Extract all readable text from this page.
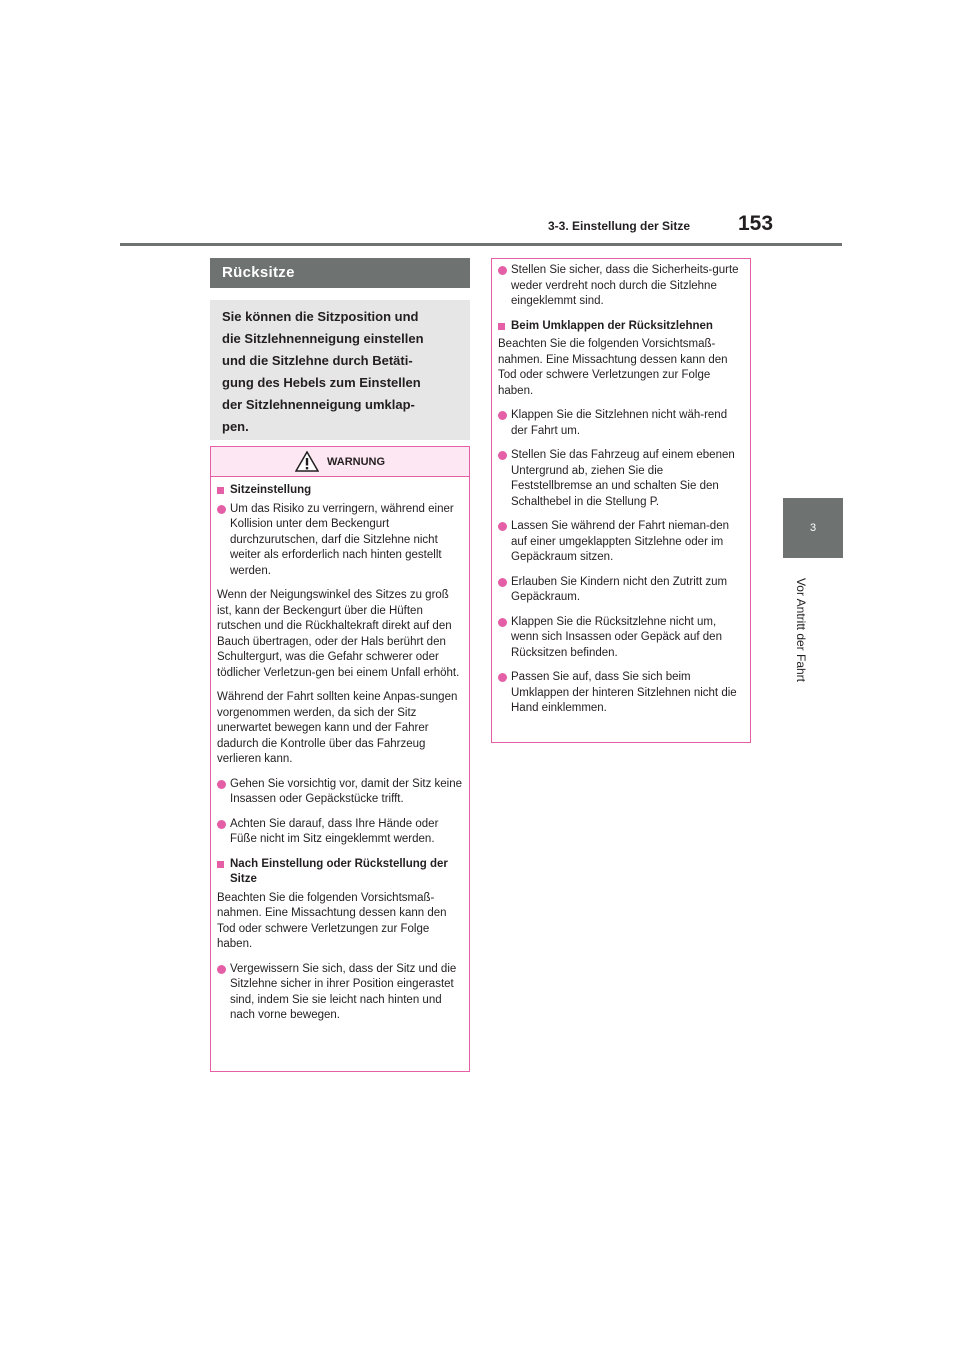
3-3. Einstellung der Sitze 153
3
Vor Antritt der Fahrt
Rücksitze
Sie können die Sitzposition und
die Sitzlehnenneigung einstellen
und die Sitzlehne durch Betäti-
gung des Hebels zum Einstellen
der Sitzlehnenneigung umklap-
pen.
WARNUNG
Sitzeinstellung
Um das Risiko zu verringern, während einer Kollision unter dem Beckengurt durchzurutschen, darf die Sitzlehne nicht weiter als erforderlich nach hinten gestellt werden.
Wenn der Neigungswinkel des Sitzes zu groß ist, kann der Beckengurt über die Hüften rutschen und die Rückhaltekraft direkt auf den Bauch übertragen, oder der Hals berührt den Schultergurt, was die Gefahr schwerer oder tödlicher Verletzun-gen bei einem Unfall erhöht.
Während der Fahrt sollten keine Anpas-sungen vorgenommen werden, da sich der Sitz unerwartet bewegen kann und der Fahrer dadurch die Kontrolle über das Fahrzeug verlieren kann.
Gehen Sie vorsichtig vor, damit der Sitz keine Insassen oder Gepäckstücke trifft.
Achten Sie darauf, dass Ihre Hände oder Füße nicht im Sitz eingeklemmt werden.
Nach Einstellung oder Rückstellung der Sitze
Beachten Sie die folgenden Vorsichtsmaß-nahmen. Eine Missachtung dessen kann den Tod oder schwere Verletzungen zur Folge haben.
Vergewissern Sie sich, dass der Sitz und die Sitzlehne sicher in ihrer Position eingerastet sind, indem Sie sie leicht nach hinten und nach vorne bewegen.
Stellen Sie sicher, dass die Sicherheits-gurte weder verdreht noch durch die Sitzlehne eingeklemmt sind.
Beim Umklappen der Rücksitzlehnen
Beachten Sie die folgenden Vorsichtsmaß-nahmen. Eine Missachtung dessen kann den Tod oder schwere Verletzungen zur Folge haben.
Klappen Sie die Sitzlehnen nicht wäh-rend der Fahrt um.
Stellen Sie das Fahrzeug auf einem ebenen Untergrund ab, ziehen Sie die Feststellbremse an und schalten Sie den Schalthebel in die Stellung P.
Lassen Sie während der Fahrt nieman-den auf einer umgeklappten Sitzlehne oder im Gepäckraum sitzen.
Erlauben Sie Kindern nicht den Zutritt zum Gepäckraum.
Klappen Sie die Rücksitzlehne nicht um, wenn sich Insassen oder Gepäck auf den Rücksitzen befinden.
Passen Sie auf, dass Sie sich beim Umklappen der hinteren Sitzlehnen nicht die Hand einklemmen.
